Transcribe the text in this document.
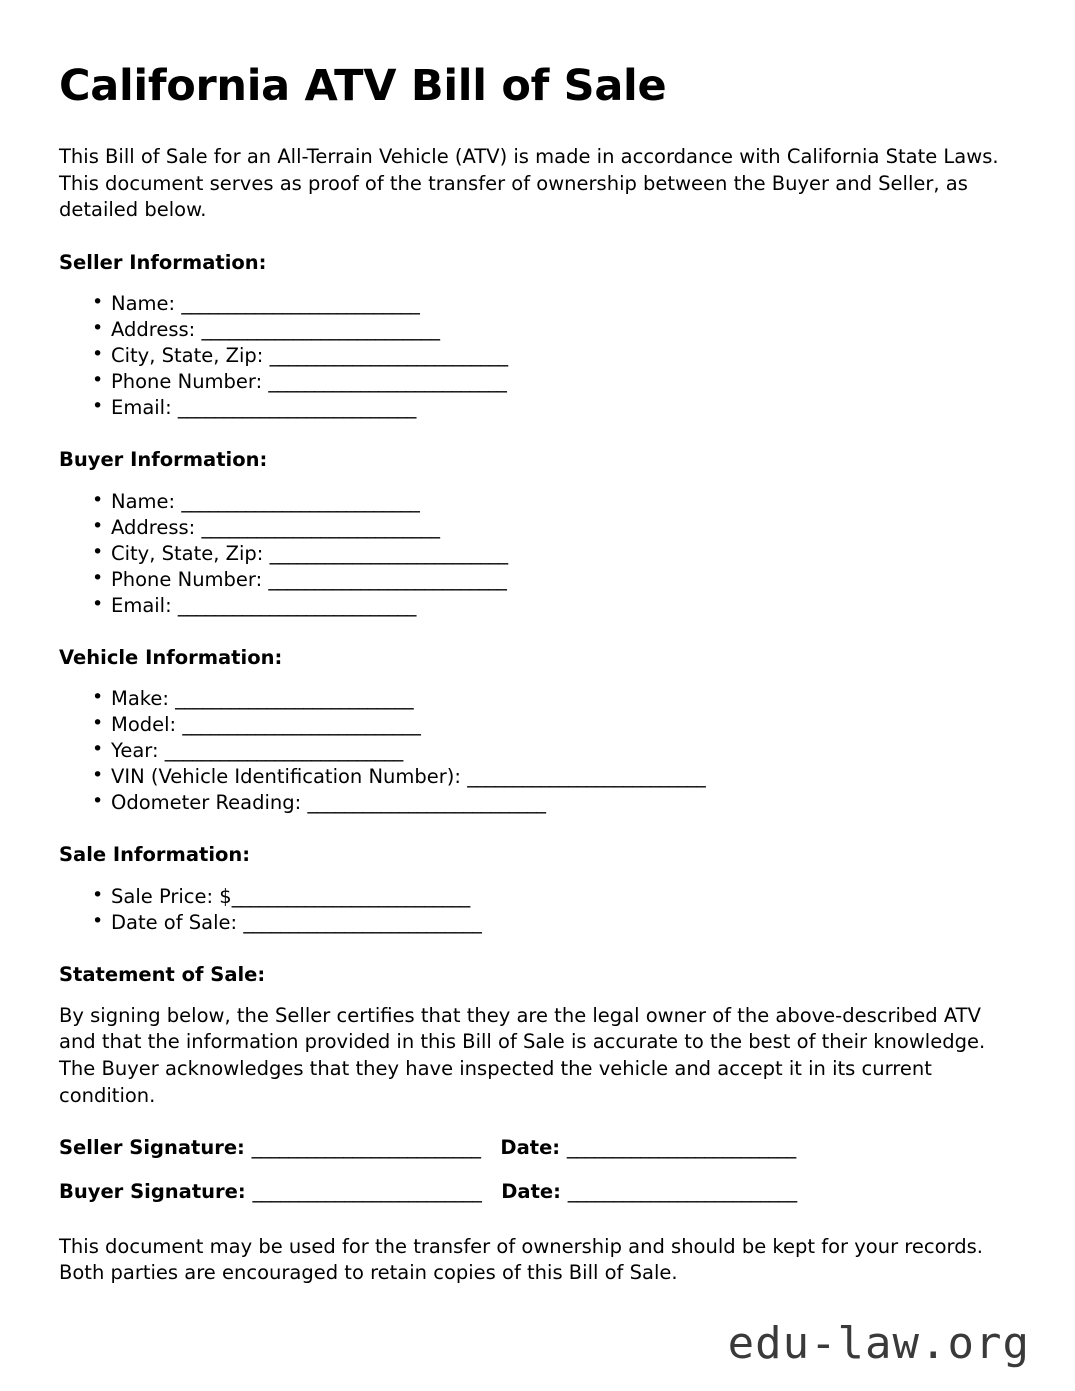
California ATV Bill of Sale

This Bill of Sale for an All-Terrain Vehicle (ATV) is made in accordance with California State Laws. This document serves as proof of the transfer of ownership between the Buyer and Seller, as detailed below.

Seller Information:
• Name: __________________________
• Address: __________________________
• City, State, Zip: __________________________
• Phone Number: __________________________
• Email: __________________________
Buyer Information:
• Name: __________________________
• Address: __________________________
• City, State, Zip: __________________________
• Phone Number: __________________________
• Email: __________________________
Vehicle Information:
• Make: __________________________
• Model: __________________________
• Year: __________________________
• VIN (Vehicle Identification Number): __________________________
• Odometer Reading: __________________________
Sale Information:
• Sale Price: $__________________________
• Date of Sale: __________________________
Statement of Sale:

By signing below, the Seller certifies that they are the legal owner of the above-described ATV and that the information provided in this Bill of Sale is accurate to the best of their knowledge. The Buyer acknowledges that they have inspected the vehicle and accept it in its current condition.

Seller Signature: _________________________ Date: _________________________
Buyer Signature: _________________________ Date: _________________________

This document may be used for the transfer of ownership and should be kept for your records. Both parties are encouraged to retain copies of this Bill of Sale.

edu-law.org
